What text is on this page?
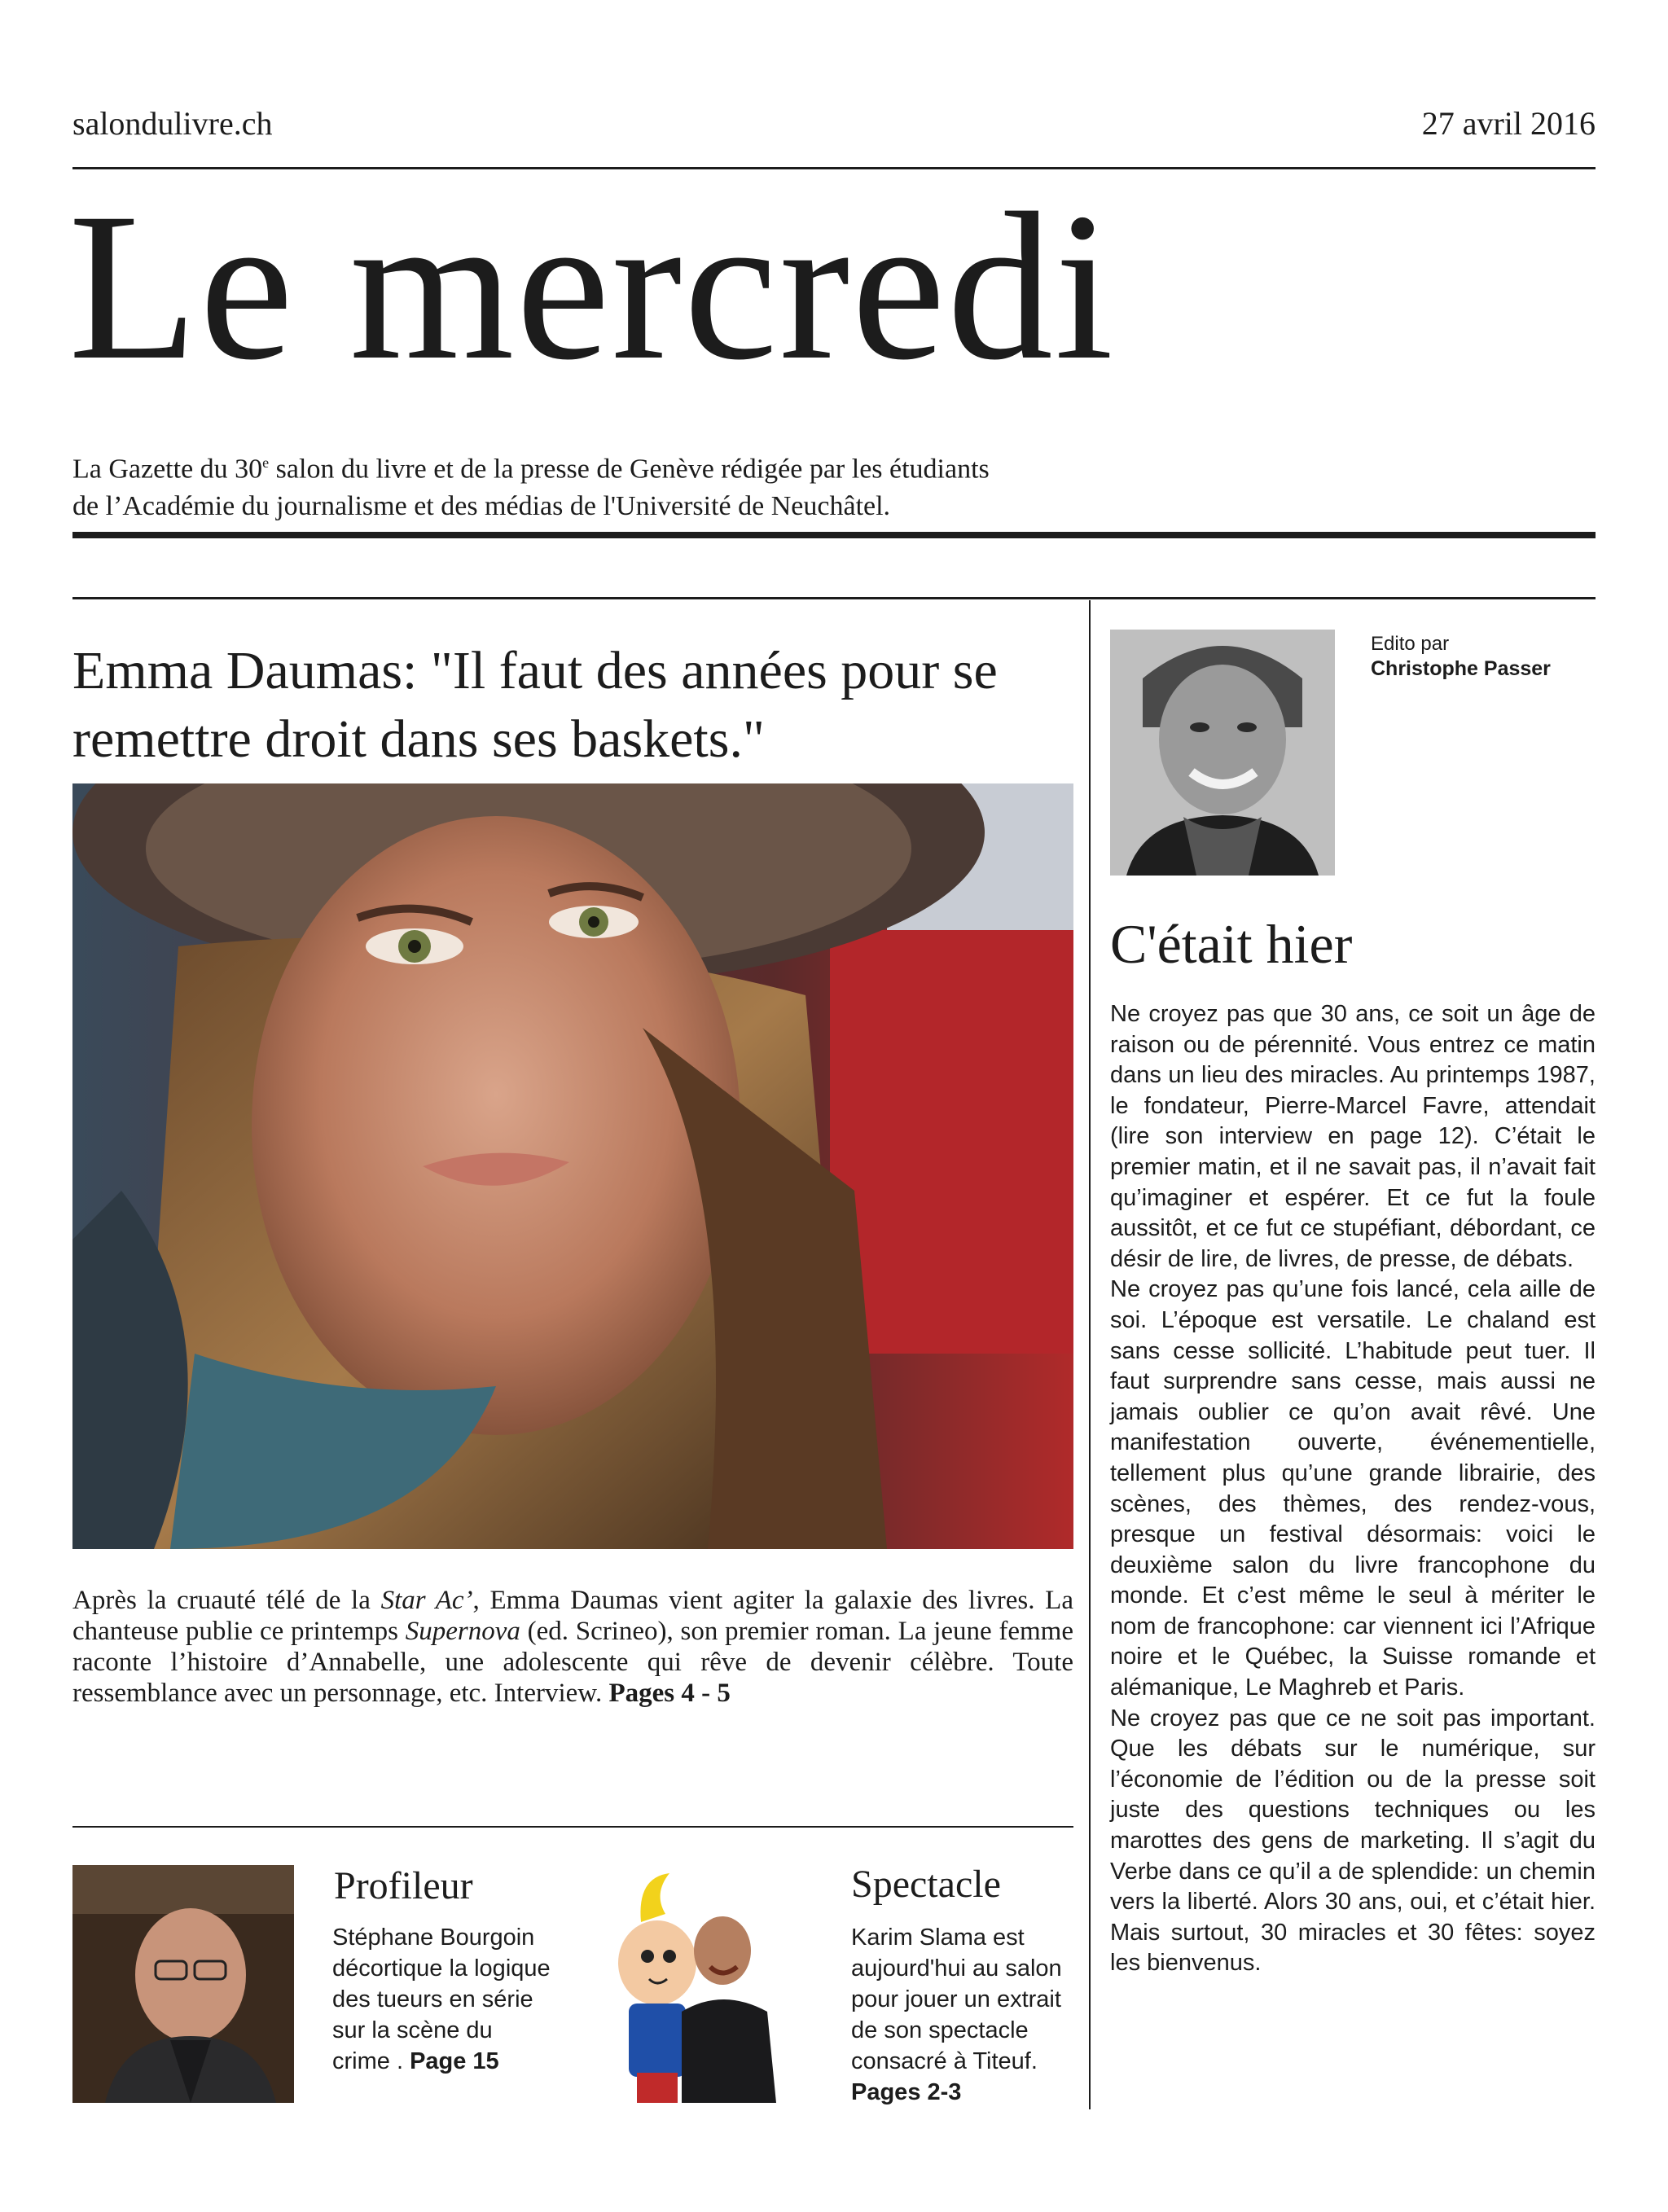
salondulivre.ch	27 avril 2016
Le mercredi
La Gazette du 30e salon du livre et de la presse de Genève rédigée par les étudiants
de l’Académie du journalisme et des médias de l'Université de Neuchâtel.
Emma Daumas: "Il faut des années pour se remettre droit dans ses baskets."
Après la cruauté télé de la Star Ac’, Emma Daumas vient agiter la galaxie des livres. La chanteuse publie ce printemps Supernova (ed. Scrineo), son premier roman. La jeune femme raconte l’histoire d’Annabelle, une adolescente qui rêve de devenir célèbre. Toute ressemblance avec un personnage, etc. Interview. Pages 4 - 5
Profileur
Stéphane Bourgoin décortique la logique des tueurs en série sur la scène du crime . Page 15
Spectacle
Karim Slama est aujourd'hui au salon pour jouer un extrait de son spectacle consacré à Titeuf. Pages 2-3
Edito par
Christophe Passer
C'était hier

Ne croyez pas que 30 ans, ce soit un âge de raison ou de pérennité. Vous entrez ce matin dans un lieu des miracles. Au printemps 1987, le fondateur, Pierre-Marcel Favre, attendait (lire son interview en page 12). C’était le premier matin, et il ne savait pas, il n’avait fait qu’imaginer et espérer. Et ce fut la foule aussitôt, et ce fut ce stupéfiant, débordant, ce désir de lire, de livres, de presse, de débats.

Ne croyez pas qu’une fois lancé, cela aille de soi. L’époque est versatile. Le chaland est sans cesse sollicité. L’habitude peut tuer. Il faut surprendre sans cesse, mais aussi ne jamais oublier ce qu’on avait rêvé. Une manifestation ouverte, événementielle, tellement plus qu’une grande librairie, des scènes, des thèmes, des rendez-vous, presque un festival désormais: voici le deuxième salon du livre francophone du monde. Et c’est même le seul à mériter le nom de francophone: car viennent ici l’Afrique noire et le Québec, la Suisse romande et alémanique, Le Maghreb et Paris.

Ne croyez pas que ce ne soit pas important. Que les débats sur le numérique, sur l’économie de l’édition ou de la presse soit juste des questions techniques ou les marottes des gens de marketing. Il s’agit du Verbe dans ce qu’il a de splendide: un chemin vers la liberté. Alors 30 ans, oui, et c’était hier. Mais surtout, 30 miracles et 30 fêtes: soyez les bienvenus.
